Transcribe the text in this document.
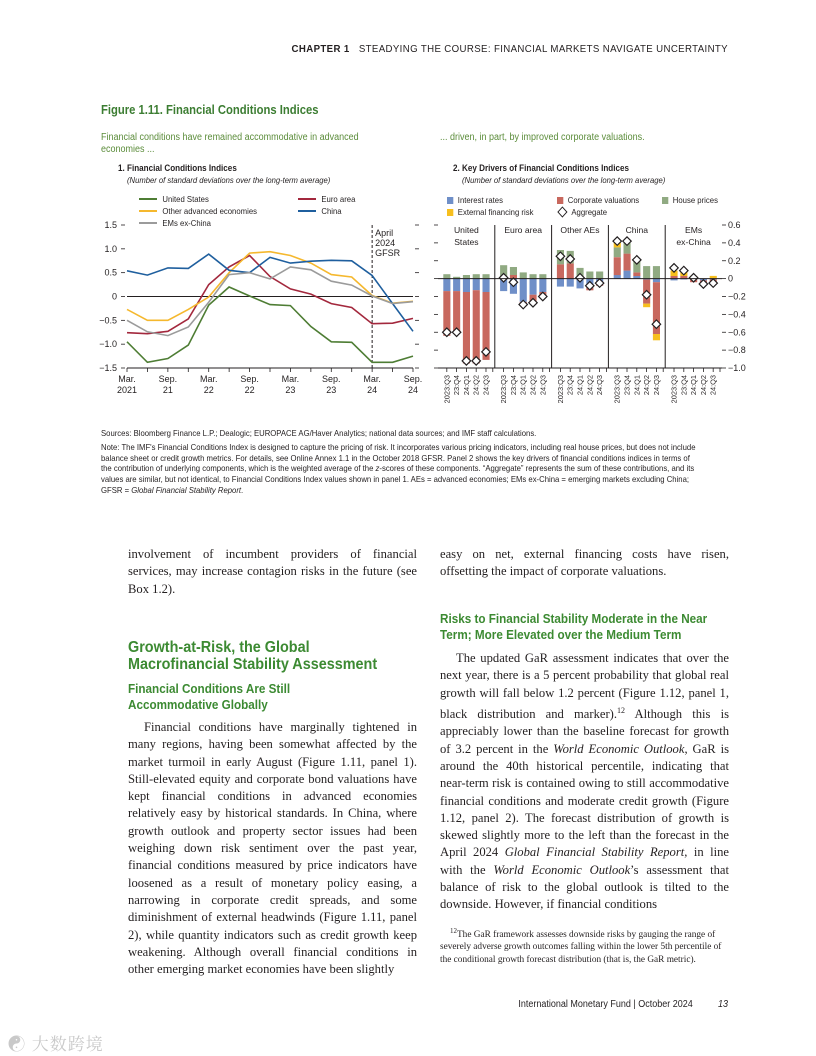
CHAPTER 1 STEADYING THE COURSE: FINANCIAL MARKETS NAVIGATE UNCERTAINTY
Figure 1.11. Financial Conditions Indices
Financial conditions have remained accommodative in advanced economies ...
... driven, in part, by improved corporate valuations.
1. Financial Conditions Indices
(Number of standard deviations over the long-term average)
United States
Other advanced economies
EMs ex-China
Euro area
China
1.5
1.0
0.5
0
−0.5
−1.0
−1.5
Mar.
2021
Sep.
21
Mar.
22
Sep.
22
Mar.
23
Sep.
23
Mar.
24
Sep.
24
April
2024
GFSR
2. Key Drivers of Financial Conditions Indices
(Number of standard deviations over the long-term average)
Interest rates
External financing risk
Corporate valuations
Aggregate
House prices
0.6
0.4
0.2
0
−0.2
−0.4
−0.6
−0.8
−1.0
United
States
2023:Q3 23:Q4 24:Q1 24:Q2 24:Q3
Euro area
2023:Q3 23:Q4 24:Q1 24:Q2 24:Q3
Other AEs
2023:Q3 23:Q4 24:Q1 24:Q2 24:Q3
China
2023:Q3 23:Q4 24:Q1 24:Q2 24:Q3
EMs
ex-China
2023:Q3 23:Q4 24:Q1 24:Q2 24:Q3

Sources: Bloomberg Finance L.P.; Dealogic; EUROPACE AG/Haver Analytics; national data sources; and IMF staff calculations.

Note: The IMF's Financial Conditions Index is designed to capture the pricing of risk. It incorporates various pricing indicators, including real house prices, but does not include balance sheet or credit growth metrics. For details, see Online Annex 1.1 in the October 2018 GFSR. Panel 2 shows the key drivers of financial conditions indices in terms of the contribution of underlying components, which is the weighted average of the z-scores of these components. “Aggregate” represents the sum of these contributions, and its values are similar, but not identical, to Financial Conditions Index values shown in panel 1. AEs = advanced economies; EMs ex-China = emerging markets excluding China; GFSR = Global Financial Stability Report.

involvement of incumbent providers of financial services, may increase contagion risks in the future (see Box 1.2).

Growth-at-Risk, the Global
Macrofinancial Stability Assessment
Financial Conditions Are Still
Accommodative Globally

Financial conditions have marginally tightened in many regions, having been somewhat affected by the market turmoil in early August (Figure 1.11, panel 1). Still-elevated equity and corporate bond valuations have kept financial conditions in advanced economies relatively easy by historical standards. In China, where growth outlook and property sector issues had been weighing down risk sentiment over the past year, financial conditions measured by price indicators have loosened as a result of monetary policy easing, a narrowing in corporate credit spreads, and some diminishment of external headwinds (Figure 1.11, panel 2), while quantity indicators such as credit growth keep weakening. Although overall financial conditions in other emerging market economies have been slightly

easy on net, external financing costs have risen, offsetting the impact of corporate valuations.

Risks to Financial Stability Moderate in the Near
Term; More Elevated over the Medium Term

The updated GaR assessment indicates that over the next year, there is a 5 percent probability that global real growth will fall below 1.2 percent (Figure 1.12, panel 1, black distribution and marker).$^{12}$ Although this is appreciably lower than the baseline forecast for growth of 3.2 percent in the World Economic Outlook, GaR is around the 40th historical percentile, indicating that near-term risk is contained owing to still accommodative financial conditions and moderate credit growth (Figure 1.12, panel 2). The forecast distribution of growth is skewed slightly more to the left than the forecast in the April 2024 Global Financial Stability Report, in line with the World Economic Outlook’s assessment that balance of risk to the global outlook is tilted to the downside. However, if financial conditions

$^{12}$The GaR framework assesses downside risks by gauging the range of severely adverse growth outcomes falling within the lower 5th percentile of the conditional growth forecast distribution (that is, the GaR metric).
International Monetary Fund | October 2024	13
☯ 大数跨境
